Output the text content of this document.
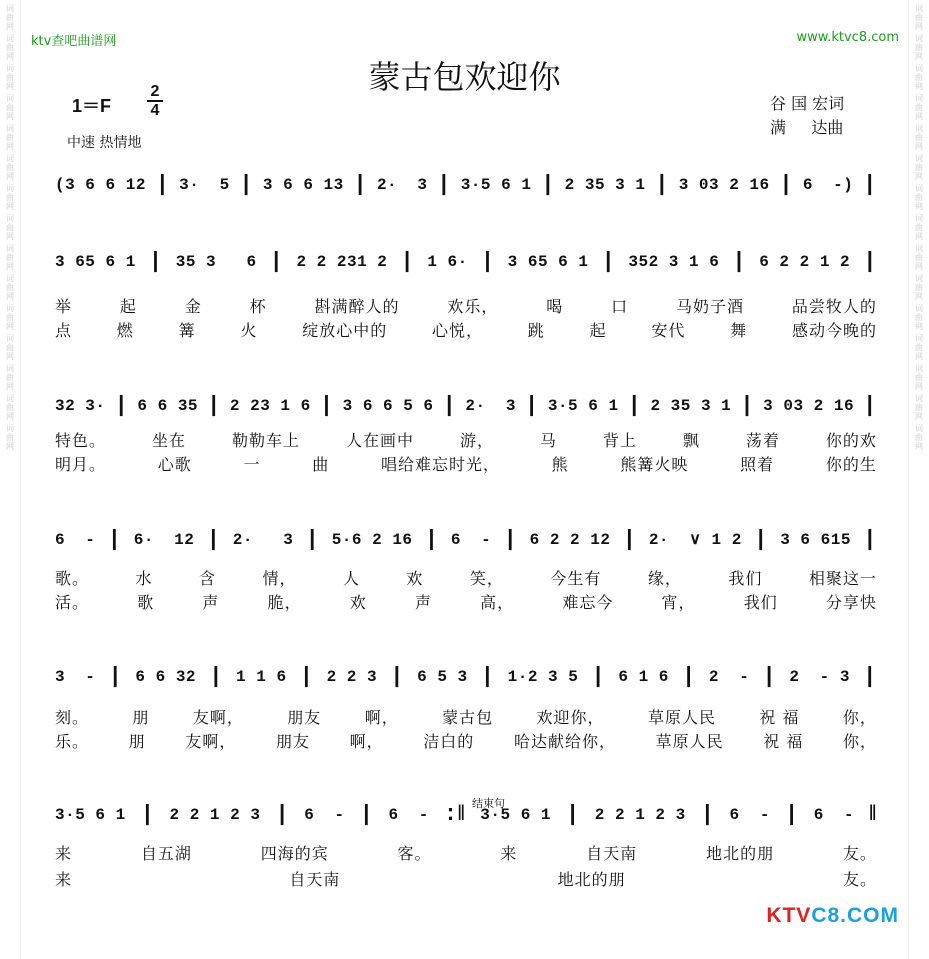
词曲网
词曲网
词曲网
词曲网
词曲网
词曲网
词曲网
词曲网
词曲网
词曲网
词曲网
词曲网
词曲网
词曲网
词曲网
词曲网
词曲网
词曲网
词曲网
词曲网
词曲网
词曲网
词曲网
词曲网
词曲网
词曲网
词曲网
词曲网
词曲网
词曲网
ktv查吧曲谱网	www.ktvc8.com
蒙古包欢迎你
1＝F
2
4
中速 热情地
谷 国 宏词
满     达曲
(3 6 6 12 | 3·  5 | 3 6 6 13 | 2·  3 | 3·5 6 1 | 2 35 3 1 | 3 03 2 16 | 6  -) |
3 65 6 1 | 35 3   6 | 2 2 231 2 | 1 6· | 3 65 6 1 | 352 3 1 6 | 6 2 2 1 2 |
举	起	金	杯	斟满醉人的	欢乐，	喝	口	马奶子酒	品尝牧人的
点	燃	篝	火	绽放心中的	心悦，	跳	起	安代	舞	感动今晚的
32 3· | 6 6 35 | 2 23 1 6 | 3 6 6 5 6 | 2·  3 | 3·5 6 1 | 2 35 3 1 | 3 03 2 16 |
特色。	坐在	勒勒车上	人在画中	游，	马	背上	飘	荡着	你的欢
明月。	心歌	一	曲	唱给难忘时光，	熊	熊篝火映	照着	你的生
6  - | 6·  12 | 2·   3 | 5·6 2 16 | 6  - | 6 2 2 12 | 2·  ∨ 1 2 | 3 6 615 |
歌。	水	含	情，	人	欢	笑，	今生有	缘，	我们	相聚这一
活。	歌	声	脆，	欢	声	高，	难忘今	宵，	我们	分享快
3  - | 6 6 32 | 1 1 6 | 2 2 3 | 6 5 3 | 1·2 3 5 | 6 1 6 | 2  - | 2  - 3 |
刻。	朋	友啊，	朋友	啊，	蒙古包	欢迎你，	草原人民	祝 福	你，
乐。 朋 友啊， 朋友 啊， 洁白的 哈达献给你， 草原人民 祝 福 你，
3·5 6 1 | 2 2 1 2 3 | 6  - | 6  - :‖ 3·5 6 1 | 2 2 1 2 3 | 6  - | 6  - ‖
来	自五湖	四海的宾	客。	来	自天南	地北的朋	友。
来	自天南	地北的朋	友。
结束句
KTVC8.COM
